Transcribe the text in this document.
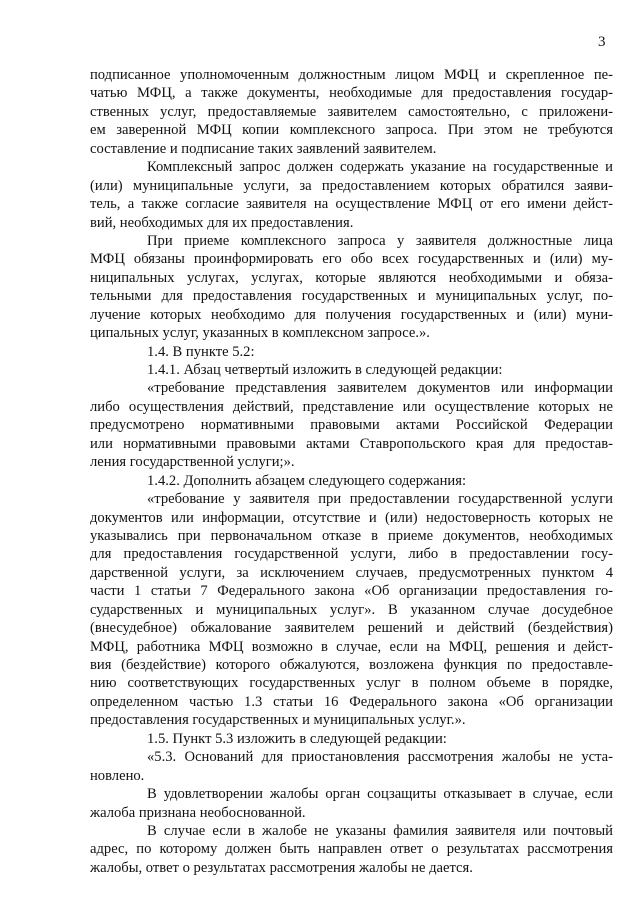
3
подписанное уполномоченным должностным лицом МФЦ и скрепленное пе-
чатью МФЦ, а также документы, необходимые для предоставления государ-
ственных услуг, предоставляемые заявителем самостоятельно, с приложени-
ем заверенной МФЦ копии комплексного запроса. При этом не требуются
составление и подписание таких заявлений заявителем.
Комплексный запрос должен содержать указание на государственные и
(или) муниципальные услуги, за предоставлением которых обратился заяви-
тель, а также согласие заявителя на осуществление МФЦ от его имени дейст-
вий, необходимых для их предоставления.
При приеме комплексного запроса у заявителя должностные лица
МФЦ обязаны проинформировать его обо всех государственных и (или) му-
ниципальных услугах, услугах, которые являются необходимыми и обяза-
тельными для предоставления государственных и муниципальных услуг, по-
лучение которых необходимо для получения государственных и (или) муни-
ципальных услуг, указанных в комплексном запросе.».
1.4. В пункте 5.2:
1.4.1. Абзац четвертый изложить в следующей редакции:
«требование представления заявителем документов или информации
либо осуществления действий, представление или осуществление которых не
предусмотрено нормативными правовыми актами Российской Федерации
или нормативными правовыми актами Ставропольского края для предостав-
ления государственной услуги;».
1.4.2. Дополнить абзацем следующего содержания:
«требование у заявителя при предоставлении государственной услуги
документов или информации, отсутствие и (или) недостоверность которых не
указывались при первоначальном отказе в приеме документов, необходимых
для предоставления государственной услуги, либо в предоставлении госу-
дарственной услуги, за исключением случаев, предусмотренных пунктом 4
части 1 статьи 7 Федерального закона «Об организации предоставления го-
сударственных и муниципальных услуг». В указанном случае досудебное
(внесудебное) обжалование заявителем решений и действий (бездействия)
МФЦ, работника МФЦ возможно в случае, если на МФЦ, решения и дейст-
вия (бездействие) которого обжалуются, возложена функция по предоставле-
нию соответствующих государственных услуг в полном объеме в порядке,
определенном частью 1.3 статьи 16 Федерального закона «Об организации
предоставления государственных и муниципальных услуг.».
1.5. Пункт 5.3 изложить в следующей редакции:
«5.3. Оснований для приостановления рассмотрения жалобы не уста-
новлено.
В удовлетворении жалобы орган соцзащиты отказывает в случае, если
жалоба признана необоснованной.
В случае если в жалобе не указаны фамилия заявителя или почтовый
адрес, по которому должен быть направлен ответ о результатах рассмотрения
жалобы, ответ о результатах рассмотрения жалобы не дается.
